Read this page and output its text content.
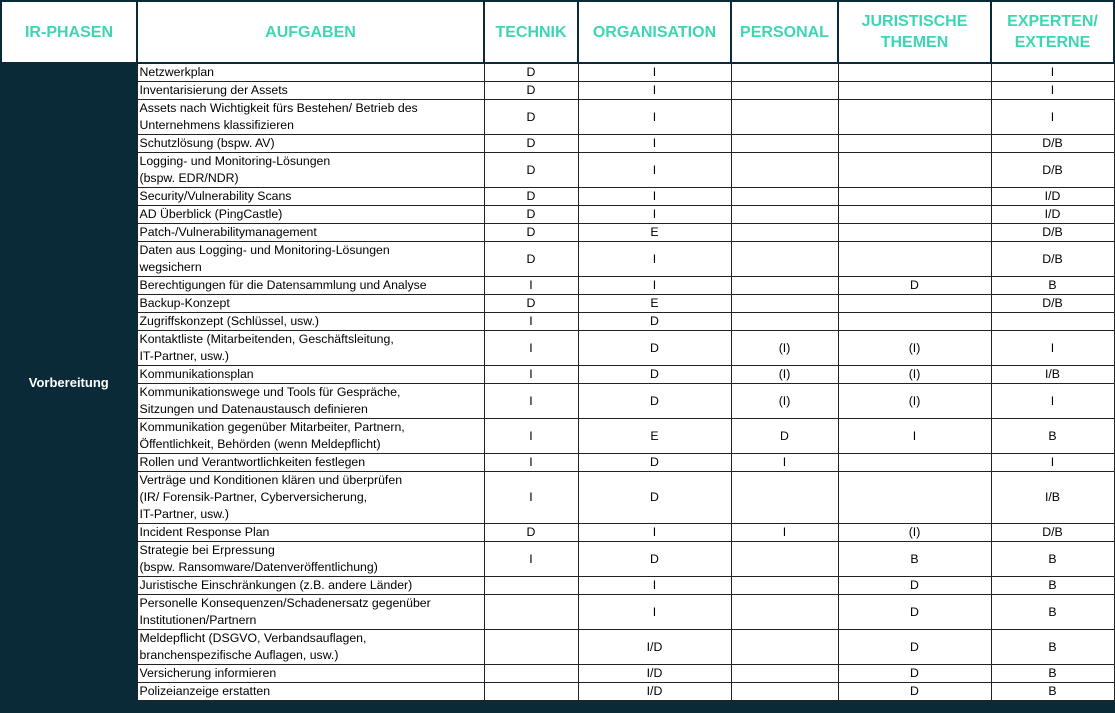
IR-PHASEN	AUFGABEN	TECHNIK	ORGANISATION	PERSONAL	JURISTISCHE
THEMEN	EXPERTEN/
EXTERNE
Vorbereitung	Netzwerkplan	D	I			I
	Inventarisierung der Assets	D	I			I
	Assets nach Wichtigkeit fürs Bestehen/ Betrieb des
Unternehmens klassifizieren	D	I			I
	Schutzlösung (bspw. AV)	D	I			D/B
	Logging- und Monitoring-Lösungen
(bspw. EDR/NDR)	D	I			D/B
	Security/Vulnerability Scans	D	I			I/D
	AD Überblick (PingCastle)	D	I			I/D
	Patch-/Vulnerabilitymanagement	D	E			D/B
	Daten aus Logging- und Monitoring-Lösungen
wegsichern	D	I			D/B
	Berechtigungen für die Datensammlung und Analyse	I	I		D	B
	Backup-Konzept	D	E			D/B
	Zugriffskonzept (Schlüssel, usw.)	I	D			
	Kontaktliste (Mitarbeitenden, Geschäftsleitung,
IT-Partner, usw.)	I	D	(I)	(I)	I
	Kommunikationsplan	I	D	(I)	(I)	I/B
	Kommunikationswege und Tools für Gespräche,
Sitzungen und Datenaustausch definieren	I	D	(I)	(I)	I
	Kommunikation gegenüber Mitarbeiter, Partnern,
Öffentlichkeit, Behörden (wenn Meldepflicht)	I	E	D	I	B
	Rollen und Verantwortlichkeiten festlegen	I	D	I		I
	Verträge und Konditionen klären und überprüfen
(IR/ Forensik-Partner, Cyberversicherung,
IT-Partner, usw.)	I	D			I/B
	Incident Response Plan	D	I	I	(I)	D/B
	Strategie bei Erpressung
(bspw. Ransomware/Datenveröffentlichung)	I	D		B	B
	Juristische Einschränkungen (z.B. andere Länder)		I		D	B
	Personelle Konsequenzen/Schadenersatz gegenüber
Institutionen/Partnern		I		D	B
	Meldepflicht (DSGVO, Verbandsauflagen,
branchenspezifische Auflagen, usw.)		I/D		D	B
	Versicherung informieren		I/D		D	B
	Polizeianzeige erstatten		I/D		D	B
